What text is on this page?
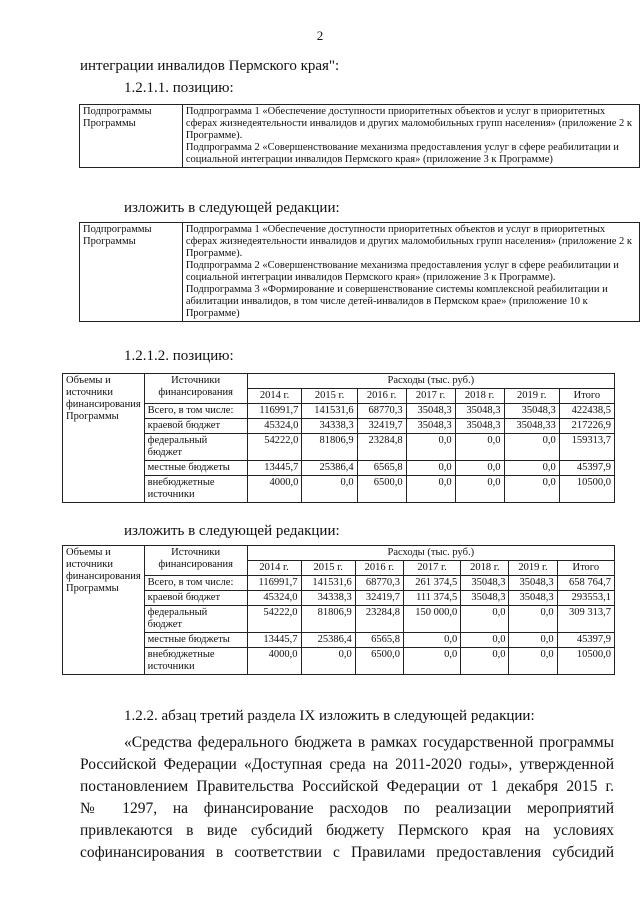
2
интеграции инвалидов Пермского края":
1.2.1.1. позицию:
Подпрограммы Программы	
Подпрограмма 1 «Обеспечение доступности приоритетных объектов и услуг в приоритетных сферах жизнедеятельности инвалидов и других маломобильных групп населения» (приложение 2 к Программе).
Подпрограмма 2 «Совершенствование механизма предоставления услуг в сфере реабилитации и социальной интеграции инвалидов Пермского края» (приложение 3 к Программе)
изложить в следующей редакции:
Подпрограммы Программы	
Подпрограмма 1 «Обеспечение доступности приоритетных объектов и услуг в приоритетных сферах жизнедеятельности инвалидов и других маломобильных групп населения» (приложение 2 к Программе).
Подпрограмма 2 «Совершенствование механизма предоставления услуг в сфере реабилитации и социальной интеграции инвалидов Пермского края» (приложение 3 к Программе).
Подпрограмма 3 «Формирование и совершенствование системы комплексной реабилитации и абилитации инвалидов, в том числе детей-инвалидов в Пермском крае» (приложение 10 к Программе)
1.2.1.2. позицию:
Объемы и источники финансирования Программы	Источники финансирования	Расходы (тыс. руб.)						
		2014 г.	2015 г.	2016 г.	2017 г.	2018 г.	2019 г.	Итого
	Всего, в том числе:	116991,7	141531,6	68770,3	35048,3	35048,3	35048,3	422438,5
	краевой бюджет	45324,0	34338,3	32419,7	35048,3	35048,3	35048,33	217226,9
	федеральный бюджет	54222,0	81806,9	23284,8	0,0	0,0	0,0	159313,7
	местные бюджеты	13445,7	25386,4	6565,8	0,0	0,0	0,0	45397,9
	внебюджетные источники	4000,0	0,0	6500,0	0,0	0,0	0,0	10500,0
изложить в следующей редакции:
Объемы и источники финансирования Программы	Источники финансирования	Расходы (тыс. руб.)						
		2014 г.	2015 г.	2016 г.	2017 г.	2018 г.	2019 г.	Итого
	Всего, в том числе:	116991,7	141531,6	68770,3	261 374,5	35048,3	35048,3	658 764,7
	краевой бюджет	45324,0	34338,3	32419,7	111 374,5	35048,3	35048,3	293553,1
	федеральный бюджет	54222,0	81806,9	23284,8	150 000,0	0,0	0,0	309 313,7
	местные бюджеты	13445,7	25386,4	6565,8	0,0	0,0	0,0	45397,9
	внебюджетные источники	4000,0	0,0	6500,0	0,0	0,0	0,0	10500,0
1.2.2. абзац третий раздела IX изложить в следующей редакции:

«Средства федерального бюджета в рамках государственной программы

Российской Федерации «Доступная среда на 2011-2020 годы», утвержденной

постановлением Правительства Российской Федерации от 1 декабря 2015 г.

№ 1297, на финансирование расходов по реализации мероприятий

привлекаются в виде субсидий бюджету Пермского края на условиях

софинансирования в соответствии с Правилами предоставления субсидий
